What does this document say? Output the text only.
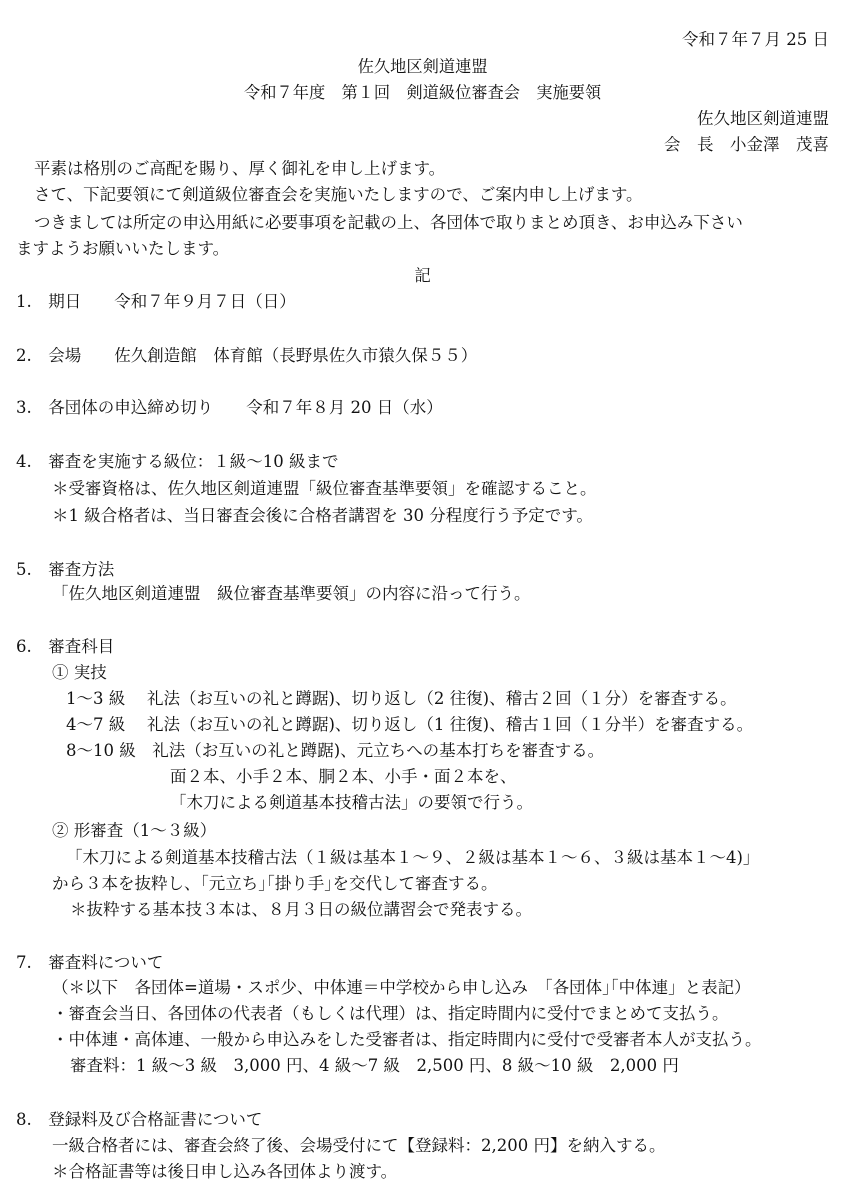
令和７年７月 25 日
佐久地区剣道連盟
令和７年度　第１回　剣道級位審査会　実施要領
佐久地区剣道連盟
会　長　小金澤　茂喜
平素は格別のご高配を賜り、厚く御礼を申し上げます。
さて、下記要領にて剣道級位審査会を実施いたしますので、ご案内申し上げます。
つきましては所定の申込用紙に必要事項を記載の上、各団体で取りまとめ頂き、お申込み下さい
ますようお願いいたします。
記
1.　期日　　令和７年９月７日（日）
2.　会場　　佐久創造館　体育館（長野県佐久市猿久保５５）
3.　各団体の申込締め切り　　令和７年８月 20 日（水）
4.　審査を実施する級位：１級～10 級まで
＊受審資格は、佐久地区剣道連盟「級位審査基準要領」を確認すること。
＊1 級合格者は、当日審査会後に合格者講習を 30 分程度行う予定です。
5.　審査方法
「佐久地区剣道連盟　級位審査基準要領」の内容に沿って行う。
6.　審査科目
① 実技
1～3 級　 礼法（お互いの礼と蹲踞)、切り返し（2 往復)、稽古２回（１分）を審査する。
4～7 級　 礼法（お互いの礼と蹲踞)、切り返し（1 往復)、稽古１回（１分半）を審査する。
8～10 級　礼法（お互いの礼と蹲踞)、元立ちへの基本打ちを審査する。
面２本、小手２本、胴２本、小手・面２本を、
「木刀による剣道基本技稽古法」の要領で行う。
② 形審査（1～３級）
「木刀による剣道基本技稽古法（１級は基本１～９、２級は基本１～６、３級は基本１～4)」
から３本を抜粋し、｢元立ち｣｢掛り手｣を交代して審査する。
＊抜粋する基本技３本は、８月３日の級位講習会で発表する。
7.　審査料について
（＊以下　各団体=道場・スポ少、中体連＝中学校から申し込み　｢各団体｣｢中体連」と表記）
・審査会当日、各団体の代表者（もしくは代理）は、指定時間内に受付でまとめて支払う。
・中体連・高体連、一般から申込みをした受審者は、指定時間内に受付で受審者本人が支払う。
審査料：1 級～3 級　3,000 円、4 級～7 級　2,500 円、8 級～10 級　2,000 円
8.　登録料及び合格証書について
一級合格者には、審査会終了後、会場受付にて【登録料：2,200 円】を納入する。
＊合格証書等は後日申し込み各団体より渡す。
